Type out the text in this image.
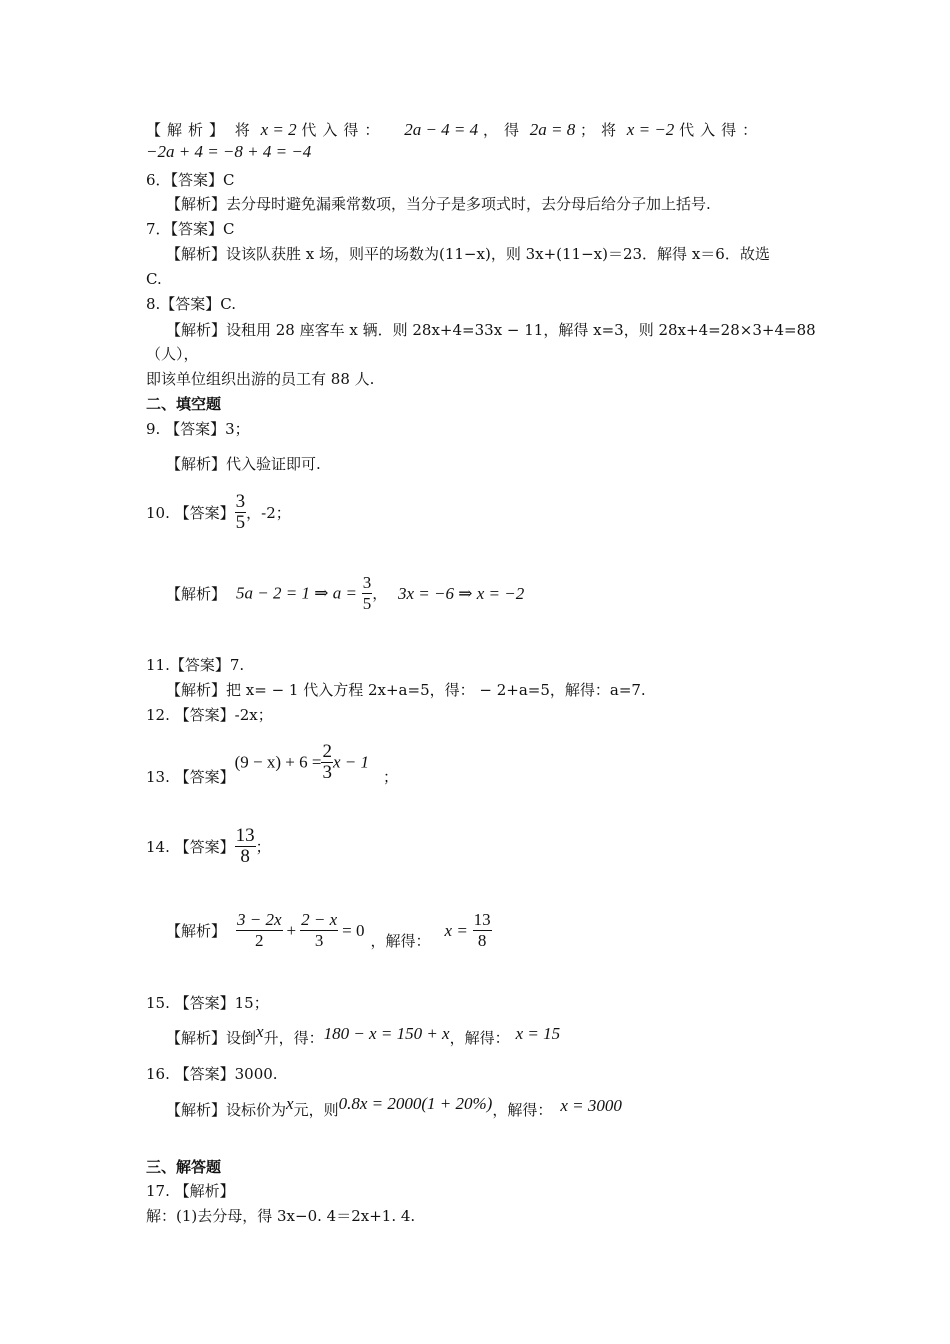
【解析】 将 x = 2 代入得： 2a − 4 = 4 ，得 2a = 8 ；将 x = −2 代入得：
−2a + 4 = −8 + 4 = −4
6．【答案】C
【解析】去分母时避免漏乘常数项，当分子是多项式时，去分母后给分子加上括号.
7．【答案】C
【解析】设该队获胜 x 场，则平的场数为(11−x)，则 3x+(11−x)＝23．解得 x＝6．故选
C.
8.【答案】C.
【解析】设租用 28 座客车 x 辆．则 28x+4=33x − 11，解得 x=3，则 28x+4=28×3+4=88
（人），
即该单位组织出游的员工有 88 人.
二、填空题
9. 【答案】3；
【解析】代入验证即可.
10. 【答案】 $\frac{3}{5}$ ，-2；
【解析】 5a − 2 = 1 ⇒ $a = \frac{3}{5}$ ， 3x = −6 ⇒ x = −2
11.【答案】7.
【解析】把 x= − 1 代入方程 2x+a=5，得： − 2+a=5，解得：a=7.
12. 【答案】-2x；
13. 【答案】$(9 - x) + 6 = \frac{2}{3}$ x − 1；
14. 【答案】 $\frac{13}{8}$ ；
【解析】 $\frac{3 - 2x}{2} + \frac{2 - x}{3} = 0$，解得：$x = \frac{13}{8}$
15. 【答案】15；
【解析】设倒x升，得：180 − x = 150 + x，解得： x = 15
16. 【答案】3000.
【解析】设标价为x元，则0.8x = 2000(1 + 20%)，解得： x = 3000
三、解答题
17. 【解析】
解：(1)去分母，得 3x−0. 4＝2x+1. 4.
